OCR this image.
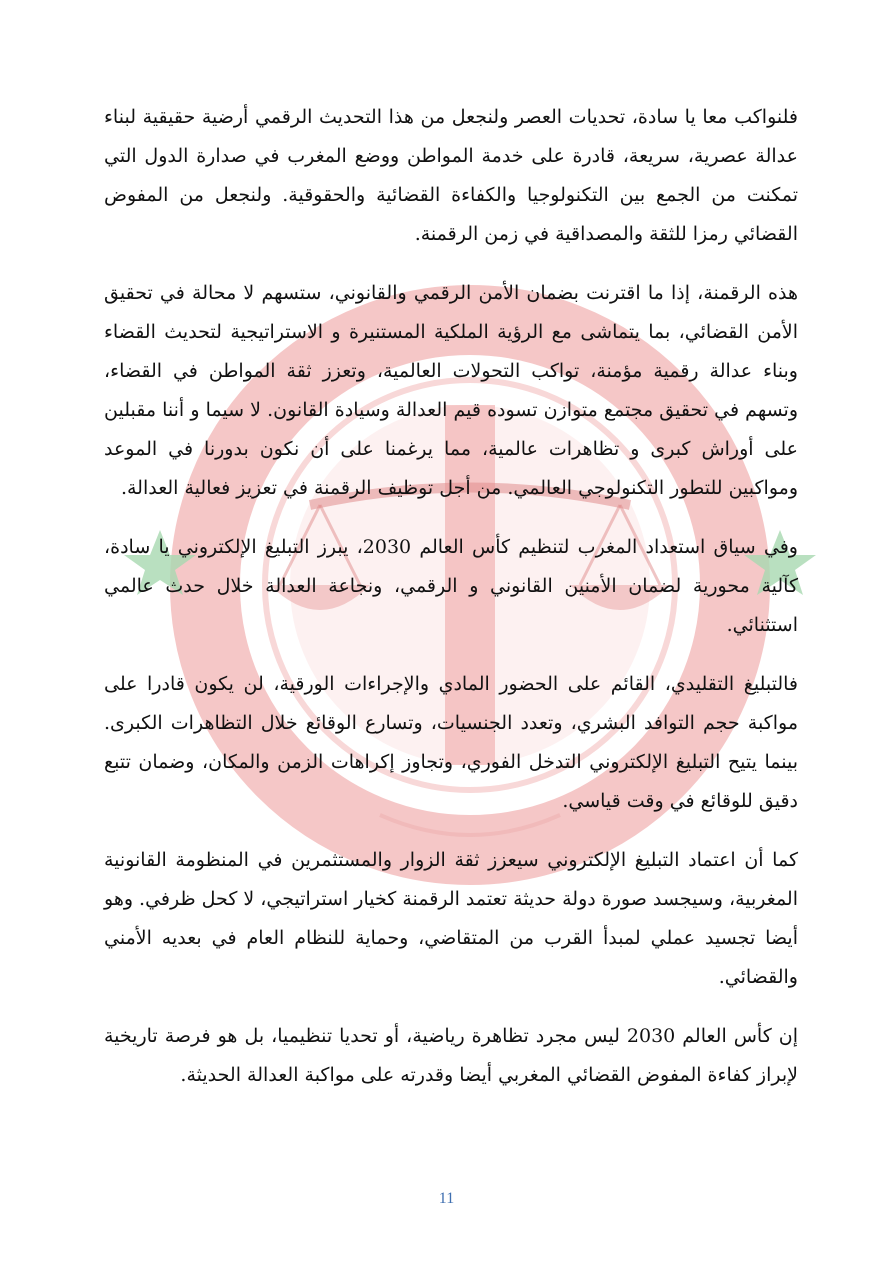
فلنواكب معا يا سادة، تحديات العصر ولنجعل من هذا التحديث الرقمي أرضية حقيقية لبناء عدالة عصرية، سريعة، قادرة على خدمة المواطن ووضع المغرب في صدارة الدول التي تمكنت من الجمع بين التكنولوجيا والكفاءة القضائية والحقوقية. ولنجعل من المفوض القضائي رمزا للثقة والمصداقية في زمن الرقمنة.

هذه الرقمنة، إذا ما اقترنت بضمان الأمن الرقمي والقانوني، ستسهم لا محالة في تحقيق الأمن القضائي، بما يتماشى مع الرؤية الملكية المستنيرة و الاستراتيجية لتحديث القضاء وبناء عدالة رقمية مؤمنة، تواكب التحولات العالمية، وتعزز ثقة المواطن في القضاء، وتسهم في تحقيق مجتمع متوازن تسوده قيم العدالة وسيادة القانون. لا سيما و أننا مقبلين على أوراش كبرى و تظاهرات عالمية، مما يرغمنا على أن نكون بدورنا في الموعد ومواكبين للتطور التكنولوجي العالمي. من أجل توظيف الرقمنة في تعزيز فعالية العدالة.

وفي سياق استعداد المغرب لتنظيم كأس العالم 2030، يبرز التبليغ الإلكتروني يا سادة، كآلية محورية لضمان الأمنين القانوني و الرقمي، ونجاعة العدالة خلال حدث عالمي استثنائي.

فالتبليغ التقليدي، القائم على الحضور المادي والإجراءات الورقية، لن يكون قادرا على مواكبة حجم التوافد البشري، وتعدد الجنسيات، وتسارع الوقائع خلال التظاهرات الكبرى. بينما يتيح التبليغ الإلكتروني التدخل الفوري، وتجاوز إكراهات الزمن والمكان، وضمان تتبع دقيق للوقائع في وقت قياسي.

كما أن اعتماد التبليغ الإلكتروني سيعزز ثقة الزوار والمستثمرين في المنظومة القانونية المغربية، وسيجسد صورة دولة حديثة تعتمد الرقمنة كخيار استراتيجي، لا كحل ظرفي. وهو أيضا تجسيد عملي لمبدأ القرب من المتقاضي، وحماية للنظام العام في بعديه الأمني والقضائي.

إن كأس العالم 2030 ليس مجرد تظاهرة رياضية، أو تحديا تنظيميا، بل هو فرصة تاريخية لإبراز كفاءة المفوض القضائي المغربي أيضا وقدرته على مواكبة العدالة الحديثة.

11
